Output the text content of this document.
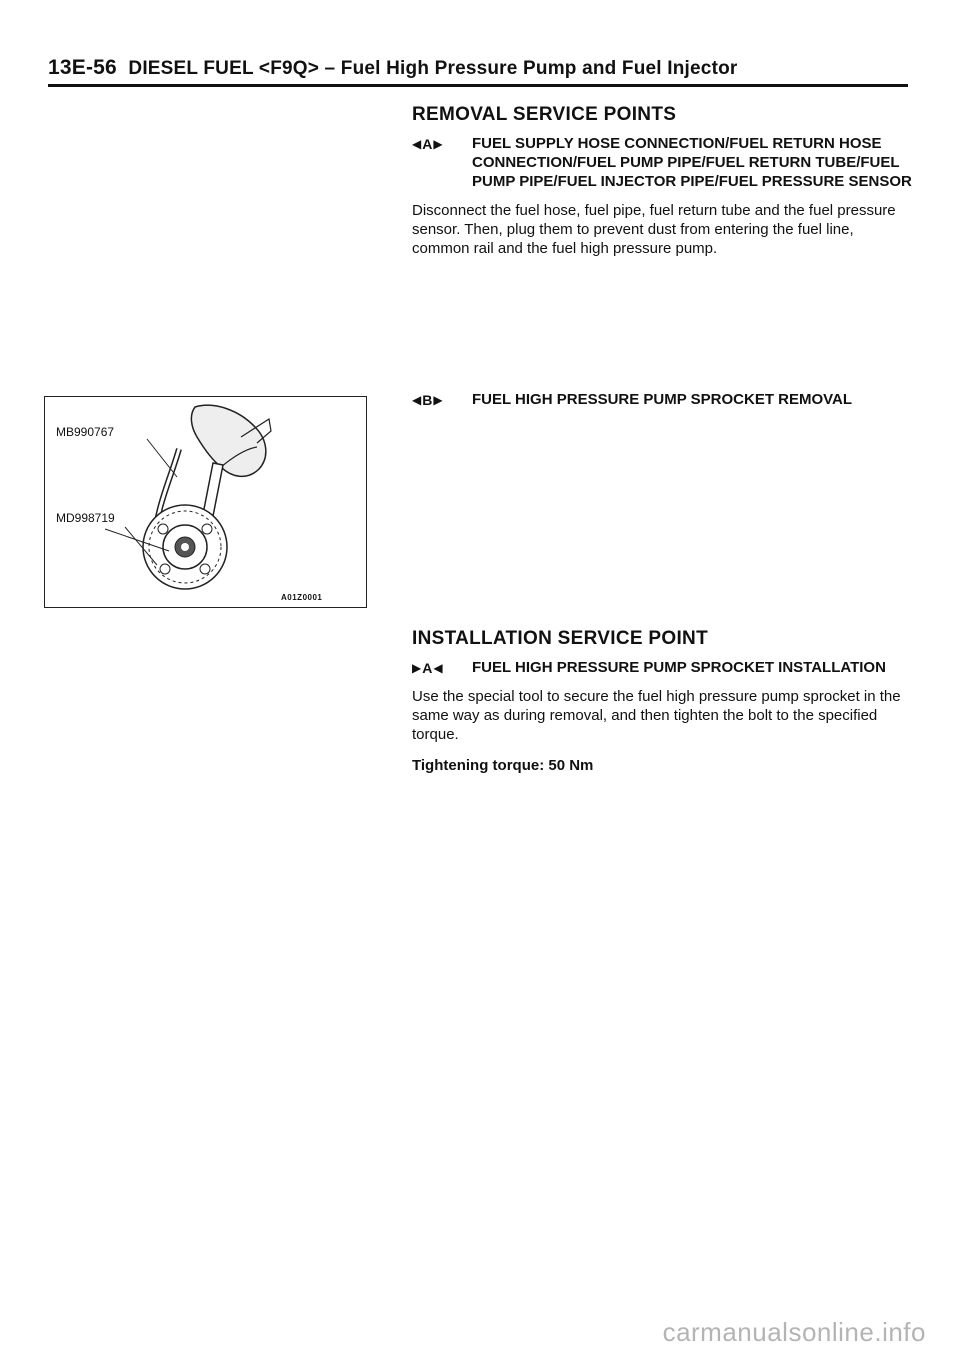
13E-56 DIESEL FUEL <F9Q> – Fuel High Pressure Pump and Fuel Injector
REMOVAL SERVICE POINTS
◀ A ▶ FUEL SUPPLY HOSE CONNECTION/FUEL RETURN HOSE CONNECTION/FUEL PUMP PIPE/FUEL RETURN TUBE/FUEL PUMP PIPE/FUEL INJECTOR PIPE/FUEL PRESSURE SENSOR

Disconnect the fuel hose, fuel pipe, fuel return tube and the fuel pressure sensor. Then, plug them to prevent dust from entering the fuel line, common rail and the fuel high pressure pump.

◀ B ▶ FUEL HIGH PRESSURE PUMP SPROCKET REMOVAL
MB990767
MD998719
A01Z0001
INSTALLATION SERVICE POINT
▶ A ◀ FUEL HIGH PRESSURE PUMP SPROCKET INSTALLATION

Use the special tool to secure the fuel high pressure pump sprocket in the same way as during removal, and then tighten the bolt to the specified torque.

Tightening torque: 50 Nm

carmanualsonline.info
